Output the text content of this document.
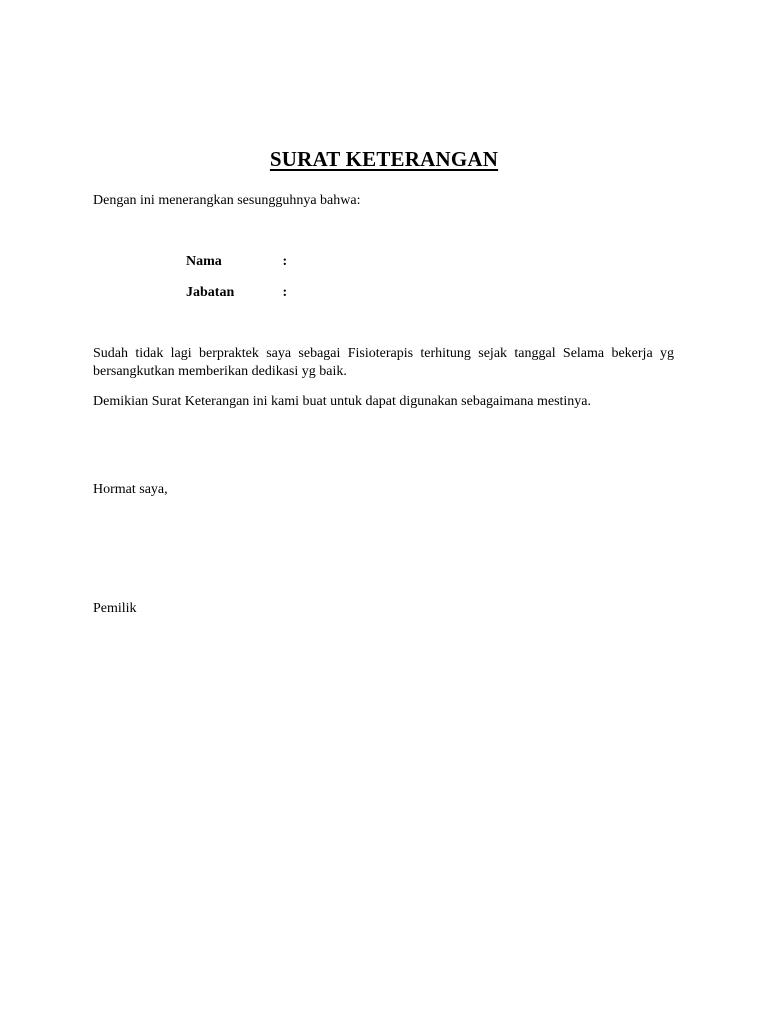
SURAT KETERANGAN
Dengan ini menerangkan sesungguhnya bahwa:
Nama	:
Jabatan	:
Sudah tidak lagi berpraktek saya sebagai Fisioterapis terhitung sejak tanggal Selama bekerja yg bersangkutkan memberikan dedikasi yg baik.
Demikian Surat Keterangan ini kami buat untuk dapat digunakan sebagaimana mestinya.
Hormat saya,
Pemilik
